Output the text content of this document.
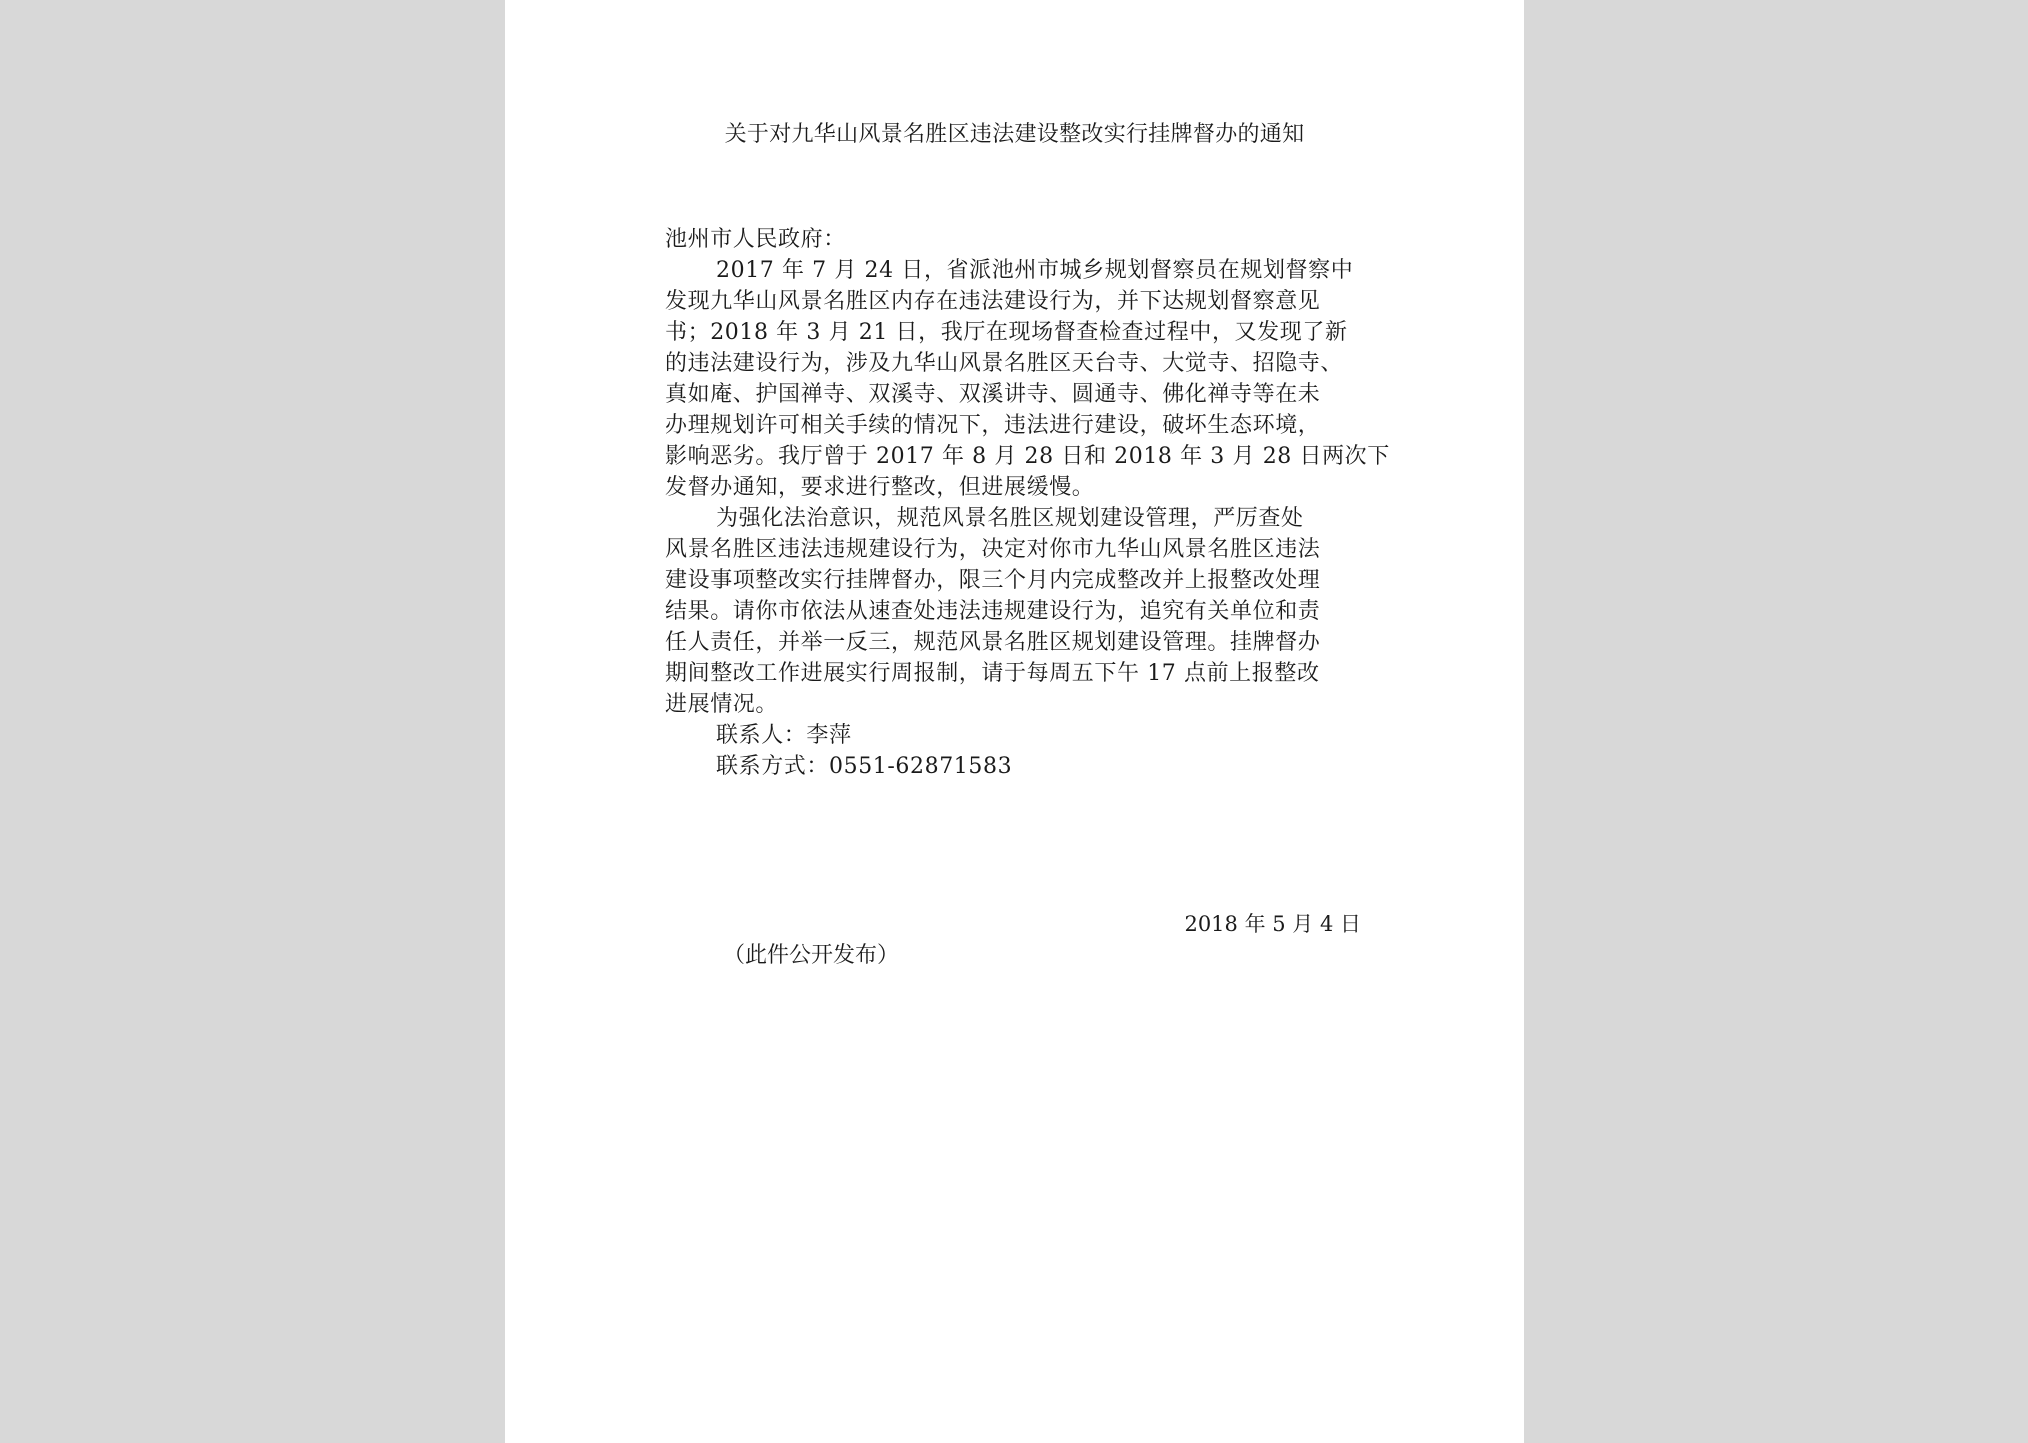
关于对九华山风景名胜区违法建设整改实行挂牌督办的通知
池州市人民政府：
2017 年 7 月 24 日，省派池州市城乡规划督察员在规划督察中
发现九华山风景名胜区内存在违法建设行为，并下达规划督察意见
书；2018 年 3 月 21 日，我厅在现场督查检查过程中，又发现了新
的违法建设行为，涉及九华山风景名胜区天台寺、大觉寺、招隐寺、
真如庵、护国禅寺、双溪寺、双溪讲寺、圆通寺、佛化禅寺等在未
办理规划许可相关手续的情况下，违法进行建设，破坏生态环境，
影响恶劣。我厅曾于 2017 年 8 月 28 日和 2018 年 3 月 28 日两次下
发督办通知，要求进行整改，但进展缓慢。
为强化法治意识，规范风景名胜区规划建设管理，严厉查处
风景名胜区违法违规建设行为，决定对你市九华山风景名胜区违法
建设事项整改实行挂牌督办，限三个月内完成整改并上报整改处理
结果。请你市依法从速查处违法违规建设行为，追究有关单位和责
任人责任，并举一反三，规范风景名胜区规划建设管理。挂牌督办
期间整改工作进展实行周报制，请于每周五下午 17 点前上报整改
进展情况。
联系人：李萍
联系方式：0551-62871583
2018 年 5 月 4 日
（此件公开发布）
